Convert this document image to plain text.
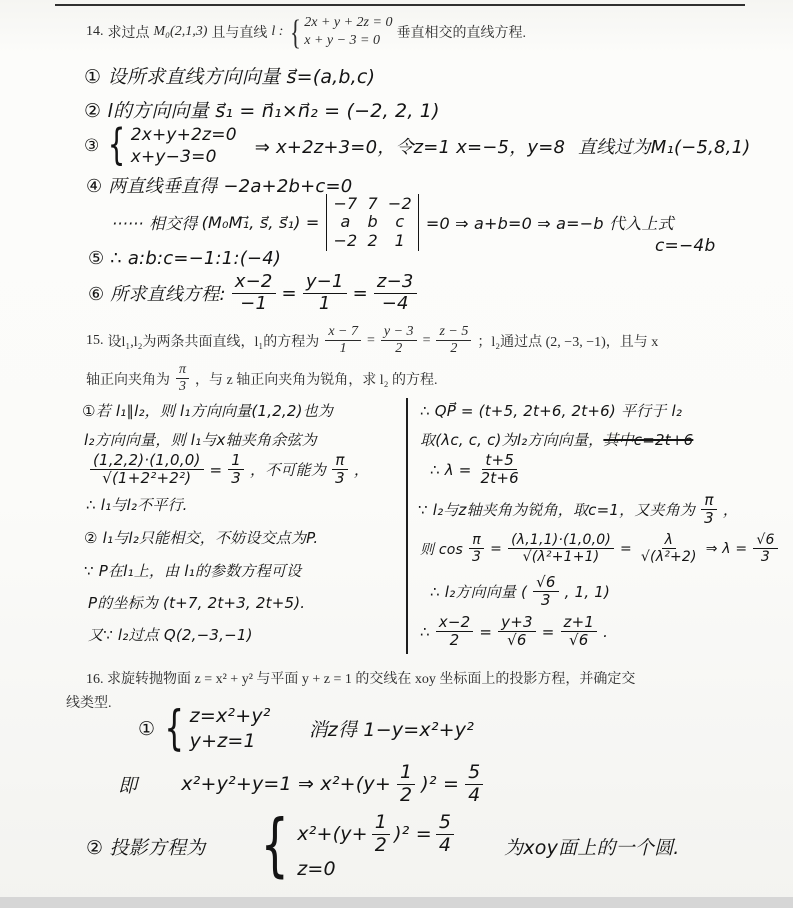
14. 求过点 M₀(2,1,3) 且与直线 l : { 2x + y + 2z = 0
x + y − 3 = 0	垂直相交的直线方程.
① 设所求直线方向向量 s⃗=(a,b,c)
② l的方向向量 s⃗₁ = n⃗₁×n⃗₂ = (−2, 2, 1)
③ { 2x+y+2z=0
x+y−3=0	⇒ x+2z+3=0，令z=1 x=−5，y=8 直线过为M₁(−5,8,1)
④ 两直线垂直得 −2a+2b+c=0
······ 相交得 (M₀M₁⃗, s⃗, s⃗₁) =
−7 7 −2
a	b	c
−2 2	1
=0 ⇒ a+b=0 ⇒ a=−b 代入上式
c=−4b
⑤ ∴ a:b:c=−1:1:(−4)
⑥ 所求直线方程: $\frac{x-2}{-1} = \frac{y-1}{1} = \frac{z-3}{-4}$
15. 设l₁,l₂为两条共面直线，l₁的方程为 $\frac{x - 7}{1} = \frac{y - 3}{2} = \frac{z - 5}{2}$ ；l₂通过点 (2, −3, −1)，且与 x
轴正向夹角为 $\frac{\pi}{3}$ ，与 z 轴正向夹角为锐角，求 l₂ 的方程.
①若 l₁∥l₂，则 l₁方向向量(1,2,2)也为
l₂方向向量，则 l₁与x轴夹角余弦为
$\frac{(1,2,2)\cdot(1,0,0)}{\text{√(1+2²+2²)}} = \frac{1}{3}$ ，不可能为 $\frac{\pi}{3}$ ，
∴ l₁与l₂不平行.
② l₁与l₂只能相交，不妨设交点为P.
∵ P在l₁上，由 l₁的参数方程可设
P的坐标为 (t+7, 2t+3, 2t+5).
又∵ l₂过点 Q(2,−3,−1)
∴ QP⃗ = (t+5, 2t+6, 2t+6) 平行于 l₂
取(λc, c, c)为l₂方向向量，其中c=2t+6
∴ $\lambda = \frac{t+5}{2t+6}$
∵ l₂与z轴夹角为锐角，取c=1，又夹角为 $\frac{\pi}{3}$ ，
则 $\cos \frac{\pi}{3} = \frac{(\lambda,1,1)\cdot(1,0,0)}{\text{√(λ²+1+1)}} = \frac{\lambda}{\text{√(λ²+2)}}$ ⇒ $\lambda = \frac{√6}{3}$
∴ l₂方向向量 ( $\frac{√6}{3}$ , 1, 1)
∴ $\frac{x-2}{2} = \frac{y+3}{√6} = \frac{z+1}{√6}$ .
16. 求旋转抛物面 z = x² + y² 与平面 y + z = 1 的交线在 xoy 坐标面上的投影方程，并确定交
线类型.
① { z=x²+y²
y+z=1	消z得 1−y=x²+y²
即 x²+y²+y=1 ⇒ $x^2+(y+ \frac{1}{2} )^2 = \frac{5}{4}$
② 投影方程为 { $x^2+(y+ \frac{1}{2} )^2 = \frac{5}{4}$
z=0
为xoy面上的一个圆.
